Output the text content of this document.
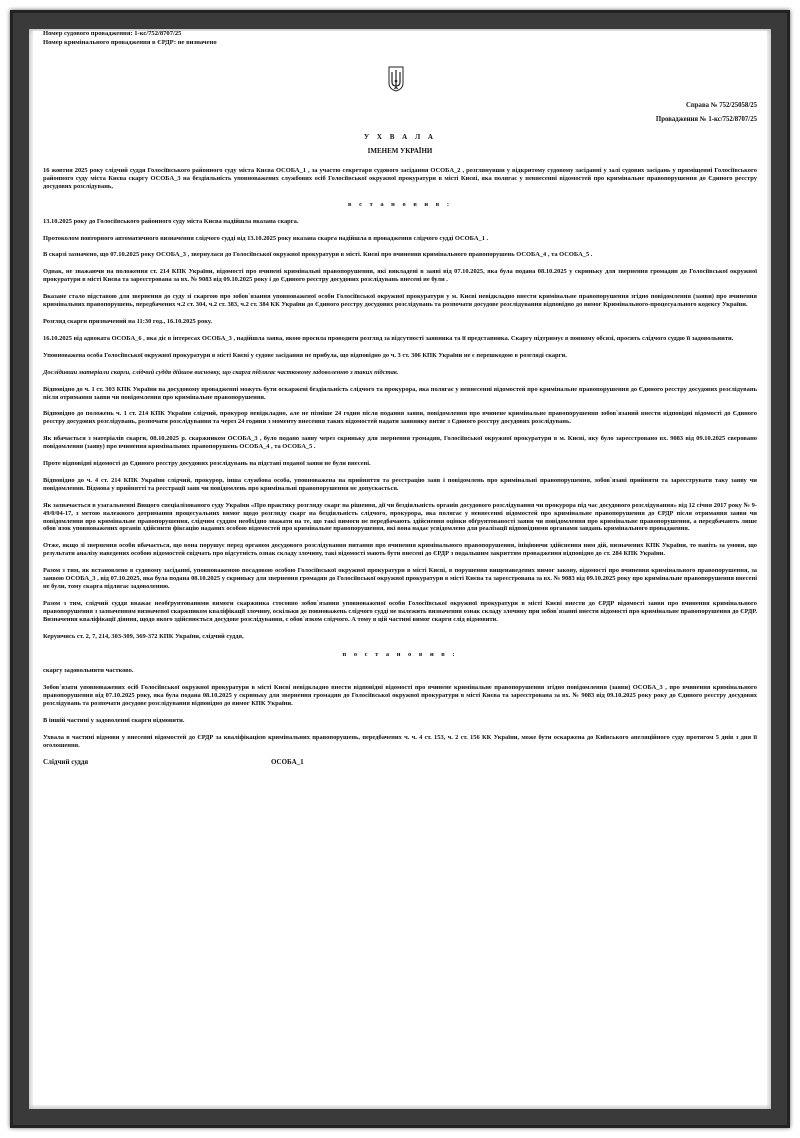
Номер судового провадження: 1-кс/752/8707/25
Номер кримінального провадження в ЄРДР: не визначено
Справа № 752/25058/25
Провадження № 1-кс/752/8707/25
У Х В А Л А
ІМЕНЕМ УКРАЇНИ

16 жовтня 2025 року слідчий суддя Голосіївського районного суду міста Києва ОСОБА_1 , за участю секретаря судового засідання ОСОБА_2 , розглянувши у відкритому судовому засіданні у залі судових засідань у приміщенні Голосіївського районного суду міста Києва скаргу ОСОБА_3 на бездіяльність уповноважених службових осіб Голосіївської окружної прокуратури в місті Києві, яка полягає у невнесенні відомостей про кримінальне правопорушення до Єдиного реєстру досудових розслідувань,

в с т а н о в и в :

13.10.2025 року до Голосіївського районного суду міста Києва надійшла вказана скарга.

Протоколом повторного автоматичного визначення слідчого судді від 13.10.2025 року вказана скарга надійшла в провадження слідчого судді ОСОБА_1 .

В скарзі зазначено, що 07.10.2025 року ОСОБА_3 , звернулася до Голосіївської окружної прокуратури в місті. Києві про вчинення кримінального правопорушень ОСОБА_4 , та ОСОБА_5 .

Однак, не зважаючи на положення ст. 214 КПК України, відомості про вчинені кримінальні правопорушення, які викладені в заяві від 07.10.2025, яка була подана 08.10.2025 у скриньку для звернення громадян до Голосіївської окружної прокуратури в місті Києва та зареєстрована за вх. № 9083 від 09.10.2025 року і до Єдиного реєстру досудових розслідувань внесені не були .

Вказане стало підставою для звернення до суду зі скаргою про зобов`язання уповноваженої особи Голосіївської окружної прокуратури у м. Києві невідкладно внести кримінальне правопорушення згідно повідомлення (заяви) про вчинення кримінальних правопорушень, передбачених ч.2 ст. 304, ч.2 ст. 383, ч.2 ст. 384 КК України до Єдиного реєстру досудових розслідувань та розпочати досудове розслідування відповідно до вимог Кримінального-процесуального кодексу України.

Розгляд скарги призначений на 11:30 год., 16.10.2025 року.

16.10.2025 від адвоката ОСОБА_6 , яка діє в інтересах ОСОБА_3 , надійшла заява, якою просила проводити розгляд за відсутності заявника та її представника. Скаргу підтримує в повному обсязі, просить слідчого суддю її задовольнити.

Уповноважена особа Голосіївської окружної прокуратури в місті Києві у судове засідання не прибула, що відповідно до ч. 3 ст. 306 КПК України не є перешкодою в розгляді скарги.

Дослідивши матеріали скарги, слідчий суддя дійшов висновку, що скарга підлягає частковому задоволенню з таких підстав.

Відповідно до ч. 1 ст. 303 КПК України на досудовому провадженні можуть бути оскаржені бездіяльність слідчого та прокурора, яка полягає у невнесенні відомостей про кримінальне правопорушення до Єдиного реєстру досудових розслідувань після отримання заяви чи повідомлення про кримінальне правопорушення.

Відповідно до положень ч. 1 ст. 214 КПК України слідчий, прокурор невідкладно, але не пізніше 24 годин після подання заяви, повідомлення про вчинене кримінальне правопорушення зобов`язаний внести відповідні відомості до Єдиного реєстру досудових розслідувань, розпочати розслідування та через 24 години з моменту внесення таких відомостей надати заявнику витяг з Єдиного реєстру досудових розслідувань.

Як вбачається з матеріалів скарги, 08.10.2025 р. скаржником ОСОБА_3 , було подано заяву через скриньку для звернення громадян, Голосіївської окружної прокуратури в м. Києві, яку було зареєстровано вх. 9083 від 09.10.2025 сверовано повідомлення (заяву) про вчинення кримінальних правопорушень ОСОБА_4 , та ОСОБА_5 .

Проте відповідні відомості до Єдиного реєстру досудових розслідувань на підставі поданої заяви не були внесені.

Відповідно до ч. 4 ст. 214 КПК України слідчий, прокурор, інша службова особа, уповноважена на прийняття та реєстрацію заяв і повідомлень про кримінальні правопорушення, зобов`язані прийняти та зареєструвати таку заяву чи повідомлення. Відмова у прийнятті та реєстрації заяв чи повідомлень про кримінальні правопорушення не допускається.

Як зазначається в узагальненні Вищого спеціалізованого суду України «Про практику розгляду скарг на рішення, дії чи бездіяльність органів досудового розслідування чи прокурора під час досудового розслідування» від 12 січня 2017 року № 9-49/0/04-17, з метою належного дотримання процесуальних вимог щодо розгляду скарг на бездіяльність слідчого, прокурора, яка полягає у невнесенні відомостей про кримінальне правопорушення до ЄРДР після отримання заяви чи повідомлення про кримінальне правопорушення, слідчим суддям необхідно зважати на те, що такі вимоги не передбачають здійснення оцінки обґрунтованості заяви чи повідомлення про кримінальне правопорушення, а передбачають лише обов`язок уповноважених органів здійснити фіксацію наданих особою відомостей про кримінальне правопорушення, які вона надає усвідомлено для реалізації відповідними органами завдань кримінального провадження.

Отже, якщо зі звернення особи вбачається, що вона порушує перед органом досудового розслідування питання про вчинення кримінального правопорушення, ініціюючи здійснення ним дій, визначених КПК України, то навіть за умови, що результати аналізу наведених особою відомостей свідчать про відсутність ознак складу злочину, такі відомості мають бути внесені до ЄРДР з подальшим закриттям провадження відповідно до ст. 284 КПК України.

Разом з тим, як встановлено в судовому засіданні, уповноваженою посадовою особою Голосіївської окружної прокуратури в місті Києві, в порушення вищенаведених вимог закону, відомості про вчинення кримінального правопорушення, за заявою ОСОБА_3 , від 07.10.2025, яка була подана 08.10.2025 у скриньку для звернення громадян до Голосіївської окружної прокуратури в місті Києва та зареєстрована за вх. № 9083 від 09.10.2025 року про кримінальне правопорушення внесені не були, тому скарга підлягає задоволенню.

Разом з тим, слідчий суддя вважає необґрунтованими вимоги скаржника стосовно зобов`язання уповноваженої особи Голосіївської окружної прокуратури в місті Києві внести до ЄРДР відомості заяви про вчинення кримінального правопорушення з зазначенням визначеної скаржником кваліфікації злочину, оскільки до повноважень слідчого судді не належить визначення ознак складу злочину при зобов`язанні внести відомості про кримінальне правопорушення до ЄРДР. Визначення кваліфікації діяння, щодо якого здійснюється досудове розслідування, є обов`язком слідчого. А тому в цій частині вимог скарги слід відмовити.

Керуючись ст. 2, 7, 214, 303-309, 369-372 КПК України, слідчий суддя,

п о с т а н о в и в :

скаргу задовольнити частково.

Зобов`язати уповноважених осіб Голосіївської окружної прокуратури в місті Києві невідкладно внести відповідні відомості про вчинене кримінальне правопорушення згідно повідомлення (заяви) ОСОБА_3 , про вчинення кримінального правопорушення від 07.10.2025 року, яка була подана 08.10.2025 у скриньку для звернення громадян до Голосіївської окружної прокуратури в місті Києва та зареєстрована за вх. № 9083 від 09.10.2025 року року до Єдиного реєстру досудових розслідувань та розпочати досудове розслідування відповідно до вимог КПК України.

В іншій частині у задоволенні скарги відмовити.

Ухвала в частині відмови у внесенні відомостей до ЄРДР за кваліфікацією кримінальних правопорушень, передбачених ч. ч. 4 ст. 153, ч. 2 ст. 156 КК України, може бути оскаржена до Київського апеляційного суду протягом 5 днів з дня її оголошення.

Слідчий суддя	ОСОБА_1
